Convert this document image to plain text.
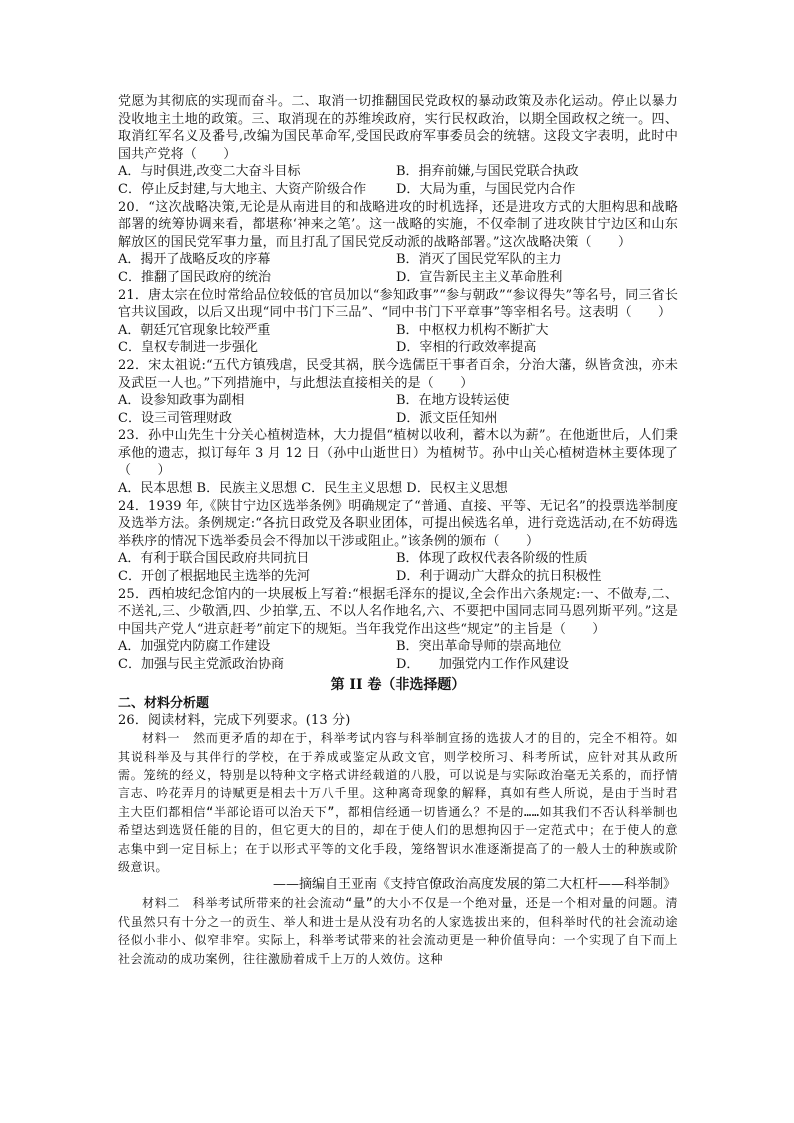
党愿为其彻底的实现而奋斗。二、取消一切推翻国民党政权的暴动政策及赤化运动。停止以暴力没收地主土地的政策。三、取消现在的苏维埃政府，实行民权政治，以期全国政权之统一。四、取消红军名义及番号,改编为国民革命军,受国民政府军事委员会的统辖。这段文字表明，此时中国共产党将（　　）

A．与时俱进,改变二大奋斗目标	B．捐弃前嫌,与国民党联合执政
C．停止反封建,与大地主、大资产阶级合作	D．大局为重，与国民党内合作

20．“这次战略决策,无论是从南进目的和战略进攻的时机选择，还是进攻方式的大胆构思和战略部署的统筹协调来看，都堪称‘神来之笔’。这一战略的实施，不仅牵制了进攻陕甘宁边区和山东解放区的国民党军事力量，而且打乱了国民党反动派的战略部署。”这次战略决策（　　）

A．揭开了战略反攻的序幕	B．消灭了国民党军队的主力
C．推翻了国民政府的统治	D．宣告新民主主义革命胜利

21．唐太宗在位时常给品位较低的官员加以“参知政事”“参与朝政”“参议得失”等名号，同三省长官共议国政，以后又出现“同中书门下三品”、“同中书门下平章事”等宰相名号。这表明（　　）

A．朝廷冗官现象比较严重	B．中枢权力机构不断扩大
C．皇权专制进一步强化	D．宰相的行政效率提高

22．宋太祖说:“五代方镇残虐，民受其祸，朕今选儒臣干事者百余，分治大藩，纵皆贪浊，亦未及武臣一人也。”下列措施中，与此想法直接相关的是（　　）

A．设参知政事为副相	B．在地方设转运使
C．设三司管理财政	D．派文臣任知州

23．孙中山先生十分关心植树造林，大力提倡“植树以收利，蓄木以为薪”。在他逝世后，人们秉承他的遗志，拟订每年 3 月 12 日（孙中山逝世日）为植树节。孙中山关心植树造林主要体现了（　　）

A．民本思想 B．民族主义思想 C．民生主义思想 D．民权主义思想

24．1939 年,《陕甘宁边区选举条例》明确规定了“普通、直接、平等、无记名”的投票选举制度及选举方法。条例规定:“各抗日政党及各职业团体，可提出候选名单，进行竞选活动,在不妨碍选举秩序的情况下选举委员会不得加以干涉或阻止。”该条例的颁布（　　）

A．有利于联合国民政府共同抗日	B．体现了政权代表各阶级的性质
C．开创了根据地民主选举的先河	D．利于调动广大群众的抗日积极性

25．西柏坡纪念馆内的一块展板上写着:“根据毛泽东的提议,全会作出六条规定:一、不做寿,二、不送礼,三、少敬酒,四、少拍掌,五、不以人名作地名,六、不要把中国同志同马恩列斯平列。”这是中国共产党人“进京赶考”前定下的规矩。当年我党作出这些“规定”的主旨是（　　）

A．加强党内防腐工作建设	B．突出革命导师的崇高地位
C．加强与民主党派政治协商	D．　　加强党内工作作风建设

第 II 卷（非选择题）

二、材料分析题

26．阅读材料，完成下列要求。(13 分)

材料一　然而更矛盾的却在于，科举考试内容与科举制宣扬的选拔人才的目的，完全不相符。如其说科举及与其伴行的学校，在于养成或鉴定从政文官，则学校所习、科考所试，应针对其从政所需。笼统的经义，特别是以特种文字格式讲经载道的八股，可以说是与实际政治毫无关系的，而抒情言志、吟花弄月的诗赋更是相去十万八千里。这种离奇现象的解释，真如有些人所说，是由于当时君主大臣们都相信“半部论语可以治天下”，都相信经通一切皆通么？不是的……如其我们不否认科举制也希望达到选贤任能的目的，但它更大的目的，却在于使人们的思想拘囚于一定范式中；在于使人的意志集中到一定目标上；在于以形式平等的文化手段，笼络智识水准逐渐提高了的一般人士的种族或阶级意识。

——摘编自王亚南《支持官僚政治高度发展的第二大杠杆——科举制》

材料二　科举考试所带来的社会流动“量”的大小不仅是一个绝对量，还是一个相对量的问题。清代虽然只有十分之一的贡生、举人和进士是从没有功名的人家选拔出来的，但科举时代的社会流动途径似小非小、似窄非窄。实际上，科举考试带来的社会流动更是一种价值导向：一个实现了自下而上社会流动的成功案例，往往激励着成千上万的人效仿。这种
